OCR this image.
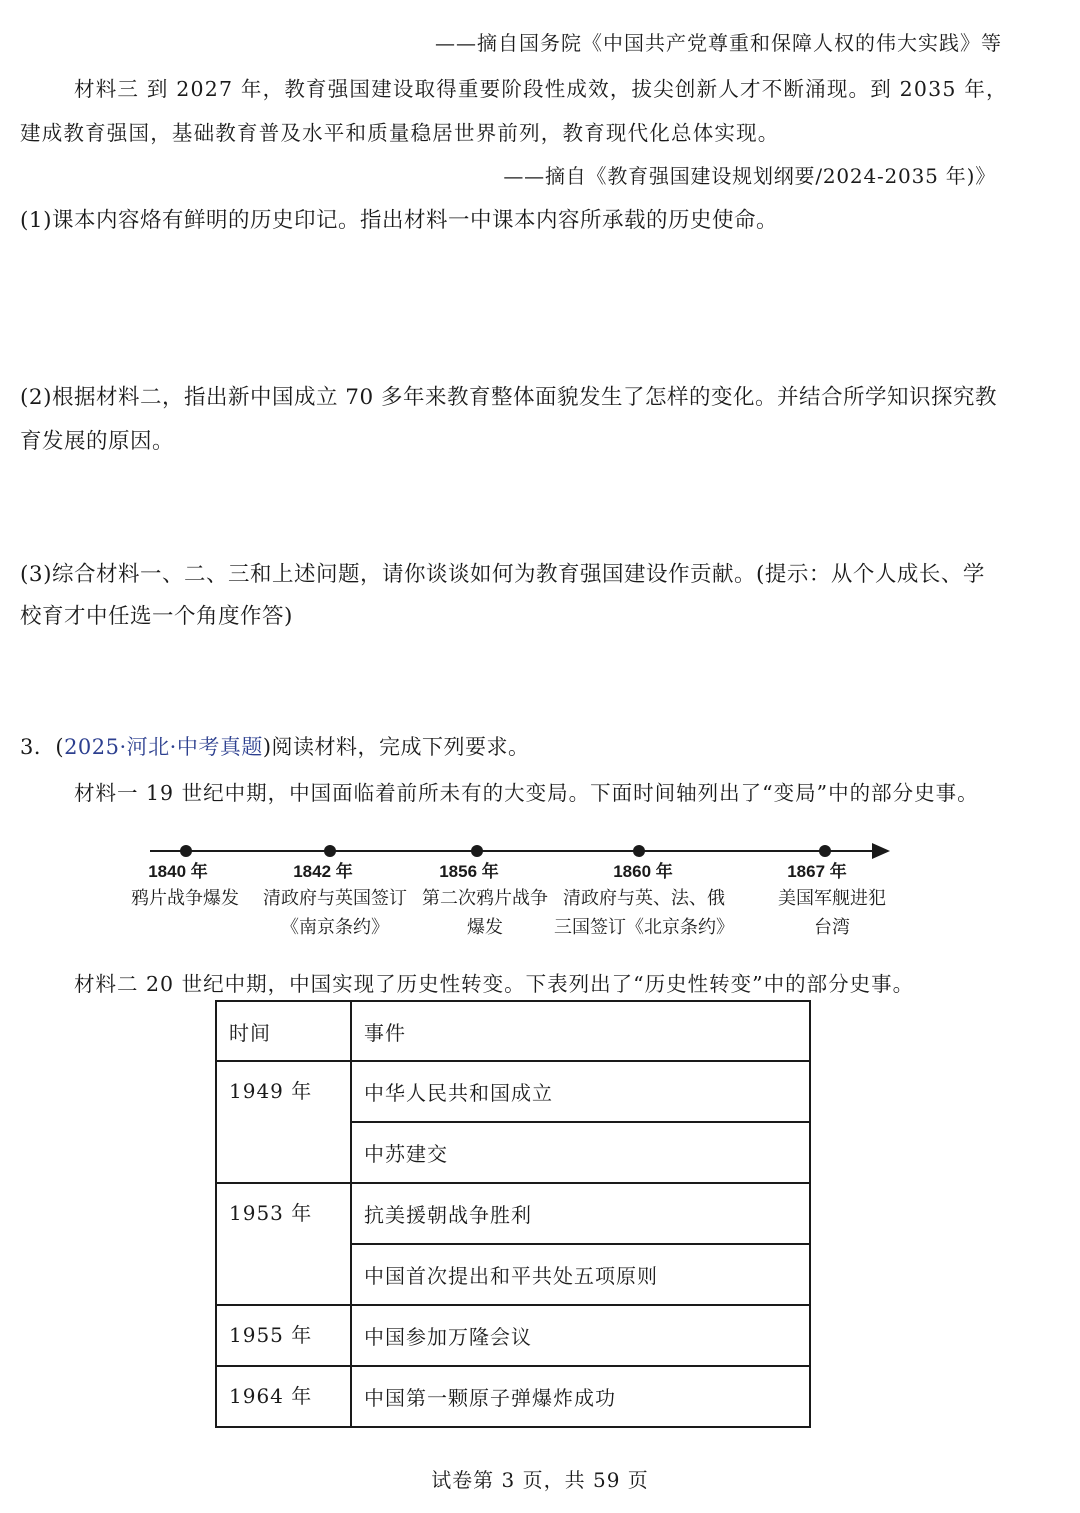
——摘自国务院《中国共产党尊重和保障人权的伟大实践》等
材料三 到 2027 年，教育强国建设取得重要阶段性成效，拔尖创新人才不断涌现。到 2035 年，
建成教育强国，基础教育普及水平和质量稳居世界前列，教育现代化总体实现。
——摘自《教育强国建设规划纲要/2024-2035 年)》
(1)课本内容烙有鲜明的历史印记。指出材料一中课本内容所承载的历史使命。
(2)根据材料二，指出新中国成立 70 多年来教育整体面貌发生了怎样的变化。并结合所学知识探究教
育发展的原因。
(3)综合材料一、二、三和上述问题，请你谈谈如何为教育强国建设作贡献。(提示：从个人成长、学
校育才中任选一个角度作答)
3．(2025·河北·中考真题)阅读材料，完成下列要求。
材料一 19 世纪中期，中国面临着前所未有的大变局。下面时间轴列出了“变局”中的部分史事。
1840 年	1842 年	1856 年	1860 年	1867 年
鸦片战争爆发 清政府与英国签订
《南京条约》
第二次鸦片战争
爆发
清政府与英、法、俄
三国签订《北京条约》
美国军舰进犯
台湾
材料二 20 世纪中期，中国实现了历史性转变。下表列出了“历史性转变”中的部分史事。
时间	事件
1949 年	中华人民共和国成立
	中苏建交
1953 年	抗美援朝战争胜利
	中国首次提出和平共处五项原则
1955 年	中国参加万隆会议
1964 年	中国第一颗原子弹爆炸成功
试卷第 3 页，共 59 页
